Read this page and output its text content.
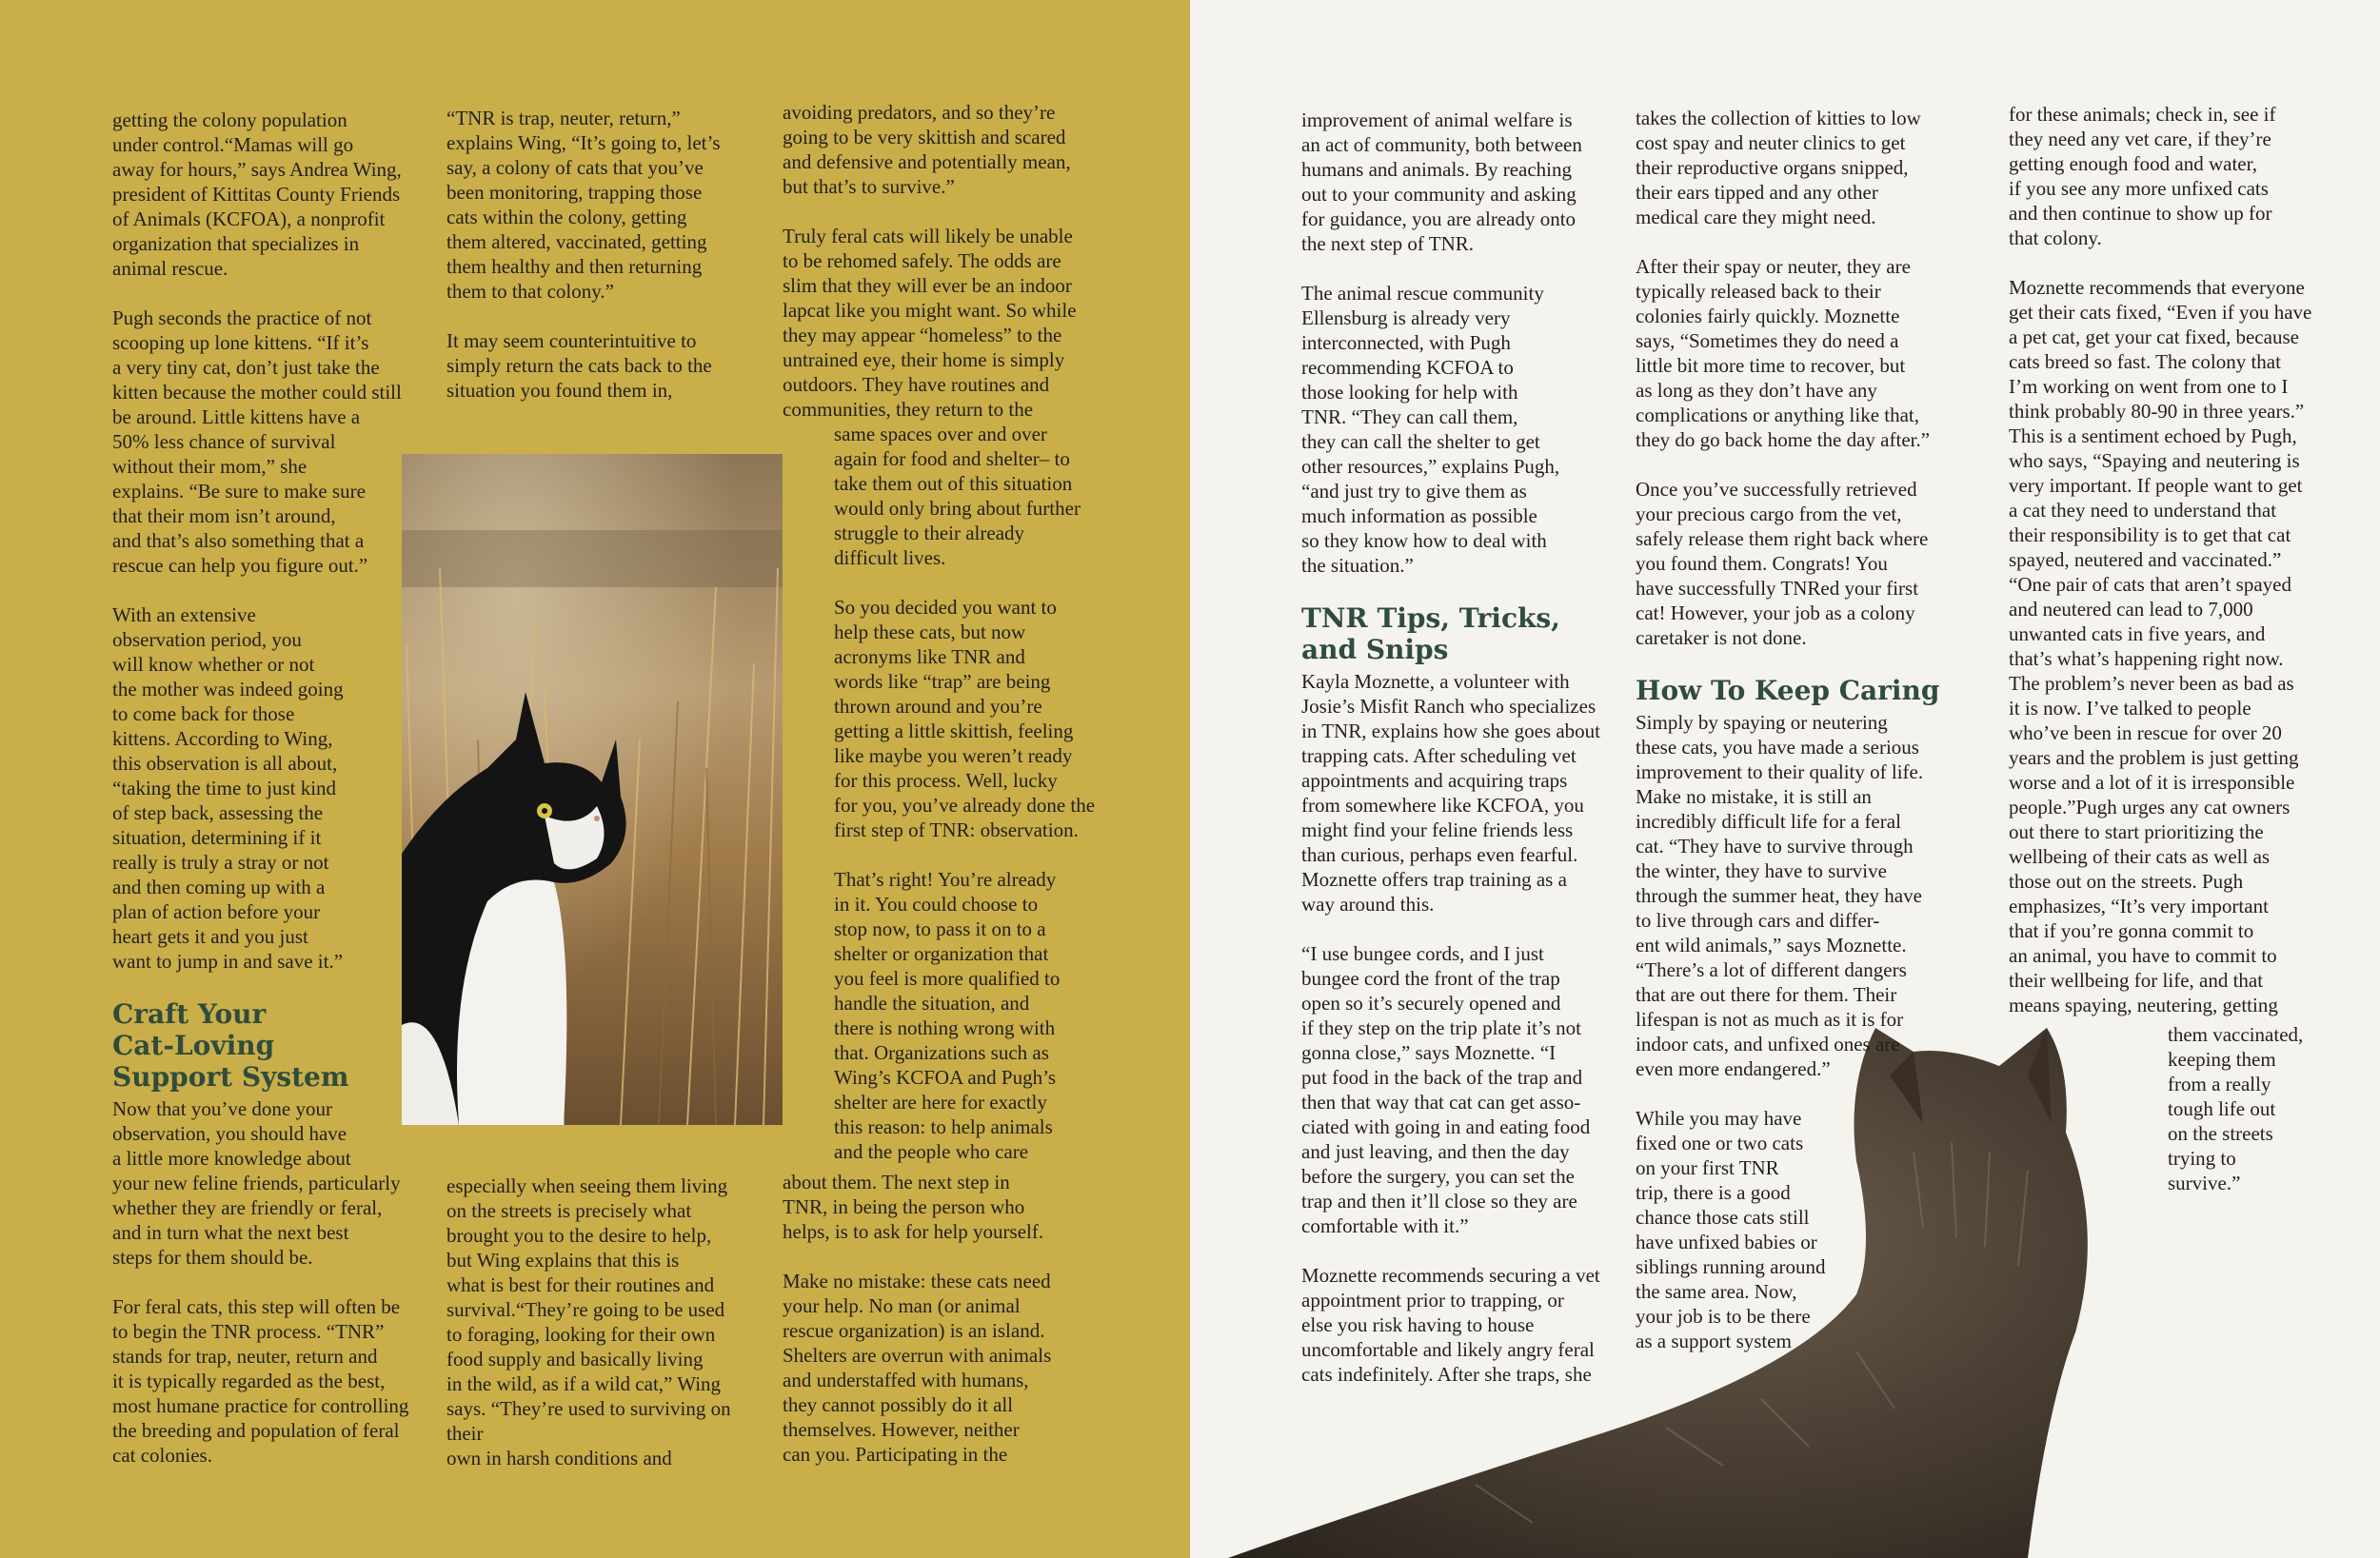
getting the colony population
under control.“Mamas will go
away for hours,” says Andrea Wing,
president of Kittitas County Friends
of Animals (KCFOA), a nonprofit
organization that specializes in
animal rescue.

Pugh seconds the practice of not
scooping up lone kittens. “If it’s
a very tiny cat, don’t just take the
kitten because the mother could still
be around. Little kittens have a
50% less chance of survival
without their mom,” she
explains. “Be sure to make sure
that their mom isn’t around,
and that’s also something that a
rescue can help you figure out.”

With an extensive
observation period, you
will know whether or not
the mother was indeed going
to come back for those
kittens. According to Wing,
this observation is all about,
“taking the time to just kind
of step back, assessing the
situation, determining if it
really is truly a stray or not
and then coming up with a
plan of action before your
heart gets it and you just
want to jump in and save it.”

Craft Your
Cat-Loving
Support System

Now that you’ve done your
observation, you should have
a little more knowledge about
your new feline friends, particularly
whether they are friendly or feral,
and in turn what the next best
steps for them should be.

For feral cats, this step will often be
to begin the TNR process. “TNR”
stands for trap, neuter, return and
it is typically regarded as the best,
most humane practice for controlling
the breeding and population of feral
cat colonies.

“TNR is trap, neuter, return,”
explains Wing, “It’s going to, let’s
say, a colony of cats that you’ve
been monitoring, trapping those
cats within the colony, getting
them altered, vaccinated, getting
them healthy and then returning
them to that colony.”

It may seem counterintuitive to
simply return the cats back to the
situation you found them in,

especially when seeing them living
on the streets is precisely what
brought you to the desire to help,
but Wing explains that this is
what is best for their routines and
survival.“They’re going to be used
to foraging, looking for their own
food supply and basically living
in the wild, as if a wild cat,” Wing
says. “They’re used to surviving on their
own in harsh conditions and

avoiding predators, and so they’re
going to be very skittish and scared
and defensive and potentially mean,
but that’s to survive.”

Truly feral cats will likely be unable
to be rehomed safely. The odds are
slim that they will ever be an indoor
lapcat like you might want. So while
they may appear “homeless” to the
untrained eye, their home is simply
outdoors. They have routines and
communities, they return to the

same spaces over and over
again for food and shelter– to
take them out of this situation
would only bring about further
struggle to their already
difficult lives.

So you decided you want to
help these cats, but now
acronyms like TNR and
words like “trap” are being
thrown around and you’re
getting a little skittish, feeling
like maybe you weren’t ready
for this process. Well, lucky
for you, you’ve already done the
first step of TNR: observation.

That’s right! You’re already
in it. You could choose to
stop now, to pass it on to a
shelter or organization that
you feel is more qualified to
handle the situation, and
there is nothing wrong with
that. Organizations such as
Wing’s KCFOA and Pugh’s
shelter are here for exactly
this reason: to help animals
and the people who care

about them. The next step in
TNR, in being the person who
helps, is to ask for help yourself.

Make no mistake: these cats need
your help. No man (or animal
rescue organization) is an island.
Shelters are overrun with animals
and understaffed with humans,
they cannot possibly do it all
themselves. However, neither
can you. Participating in the

improvement of animal welfare is
an act of community, both between
humans and animals. By reaching
out to your community and asking
for guidance, you are already onto
the next step of TNR.

The animal rescue community
Ellensburg is already very
interconnected, with Pugh
recommending KCFOA to
those looking for help with
TNR. “They can call them,
they can call the shelter to get
other resources,” explains Pugh,
“and just try to give them as
much information as possible
so they know how to deal with
the situation.”

TNR Tips, Tricks,
and Snips

Kayla Moznette, a volunteer with
Josie’s Misfit Ranch who specializes
in TNR, explains how she goes about
trapping cats. After scheduling vet
appointments and acquiring traps
from somewhere like KCFOA, you
might find your feline friends less
than curious, perhaps even fearful.
Moznette offers trap training as a
way around this.

“I use bungee cords, and I just
bungee cord the front of the trap
open so it’s securely opened and
if they step on the trip plate it’s not
gonna close,” says Moznette. “I
put food in the back of the trap and
then that way that cat can get asso-
ciated with going in and eating food
and just leaving, and then the day
before the surgery, you can set the
trap and then it’ll close so they are
comfortable with it.”

Moznette recommends securing a vet
appointment prior to trapping, or
else you risk having to house
uncomfortable and likely angry feral
cats indefinitely. After she traps, she

takes the collection of kitties to low
cost spay and neuter clinics to get
their reproductive organs snipped,
their ears tipped and any other
medical care they might need.

After their spay or neuter, they are
typically released back to their
colonies fairly quickly. Moznette
says, “Sometimes they do need a
little bit more time to recover, but
as long as they don’t have any
complications or anything like that,
they do go back home the day after.”

Once you’ve successfully retrieved
your precious cargo from the vet,
safely release them right back where
you found them. Congrats! You
have successfully TNRed your first
cat! However, your job as a colony
caretaker is not done.

How To Keep Caring

Simply by spaying or neutering
these cats, you have made a serious
improvement to their quality of life.
Make no mistake, it is still an
incredibly difficult life for a feral
cat. “They have to survive through
the winter, they have to survive
through the summer heat, they have
to live through cars and differ-
ent wild animals,” says Moznette.
“There’s a lot of different dangers
that are out there for them. Their
lifespan is not as much as it is for
indoor cats, and unfixed ones are
even more endangered.”

While you may have
fixed one or two cats
on your first TNR
trip, there is a good
chance those cats still
have unfixed babies or
siblings running around
the same area. Now,
your job is to be there
as a support system

for these animals; check in, see if
they need any vet care, if they’re
getting enough food and water,
if you see any more unfixed cats
and then continue to show up for
that colony.

Moznette recommends that everyone
get their cats fixed, “Even if you have
a pet cat, get your cat fixed, because
cats breed so fast. The colony that
I’m working on went from one to I
think probably 80-90 in three years.”
This is a sentiment echoed by Pugh,
who says, “Spaying and neutering is
very important. If people want to get
a cat they need to understand that
their responsibility is to get that cat
spayed, neutered and vaccinated.”
“One pair of cats that aren’t spayed
and neutered can lead to 7,000
unwanted cats in five years, and
that’s what’s happening right now.
The problem’s never been as bad as
it is now. I’ve talked to people
who’ve been in rescue for over 20
years and the problem is just getting
worse and a lot of it is irresponsible
people.”Pugh urges any cat owners
out there to start prioritizing the
wellbeing of their cats as well as
those out on the streets. Pugh
emphasizes, “It’s very important
that if you’re gonna commit to
an animal, you have to commit to
their wellbeing for life, and that
means spaying, neutering, getting

them vaccinated,
keeping them
from a really
tough life out
on the streets
trying to
survive.”
